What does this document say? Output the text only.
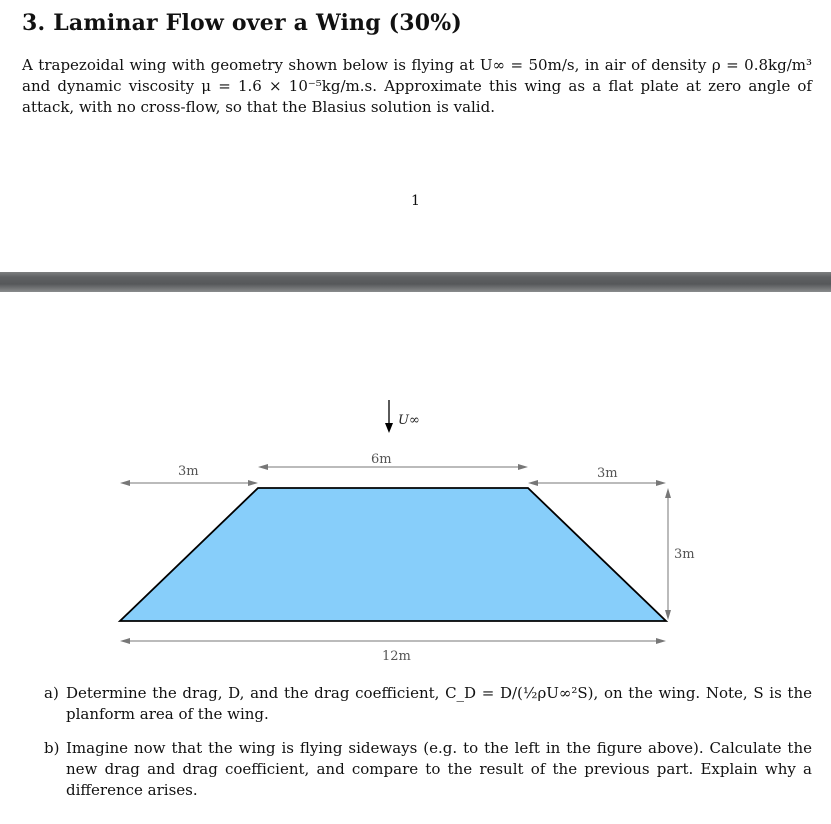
3. Laminar Flow over a Wing (30%)

A trapezoidal wing with geometry shown below is flying at U∞ = 50m/s, in air of density ρ = 0.8kg/m³ and dynamic viscosity μ = 1.6 × 10⁻⁵kg/m.s. Approximate this wing as a flat plate at zero angle of attack, with no cross-flow, so that the Blasius solution is valid.

1
U∞
6m
3m	3m
3m
12m
a) Determine the drag, D, and the drag coefficient, C_D = D/(½ρU∞²S), on the wing. Note, S is the planform area of the wing.
b) Imagine now that the wing is flying sideways (e.g. to the left in the figure above). Calculate the new drag and drag coefficient, and compare to the result of the previous part. Explain why a difference arises.
